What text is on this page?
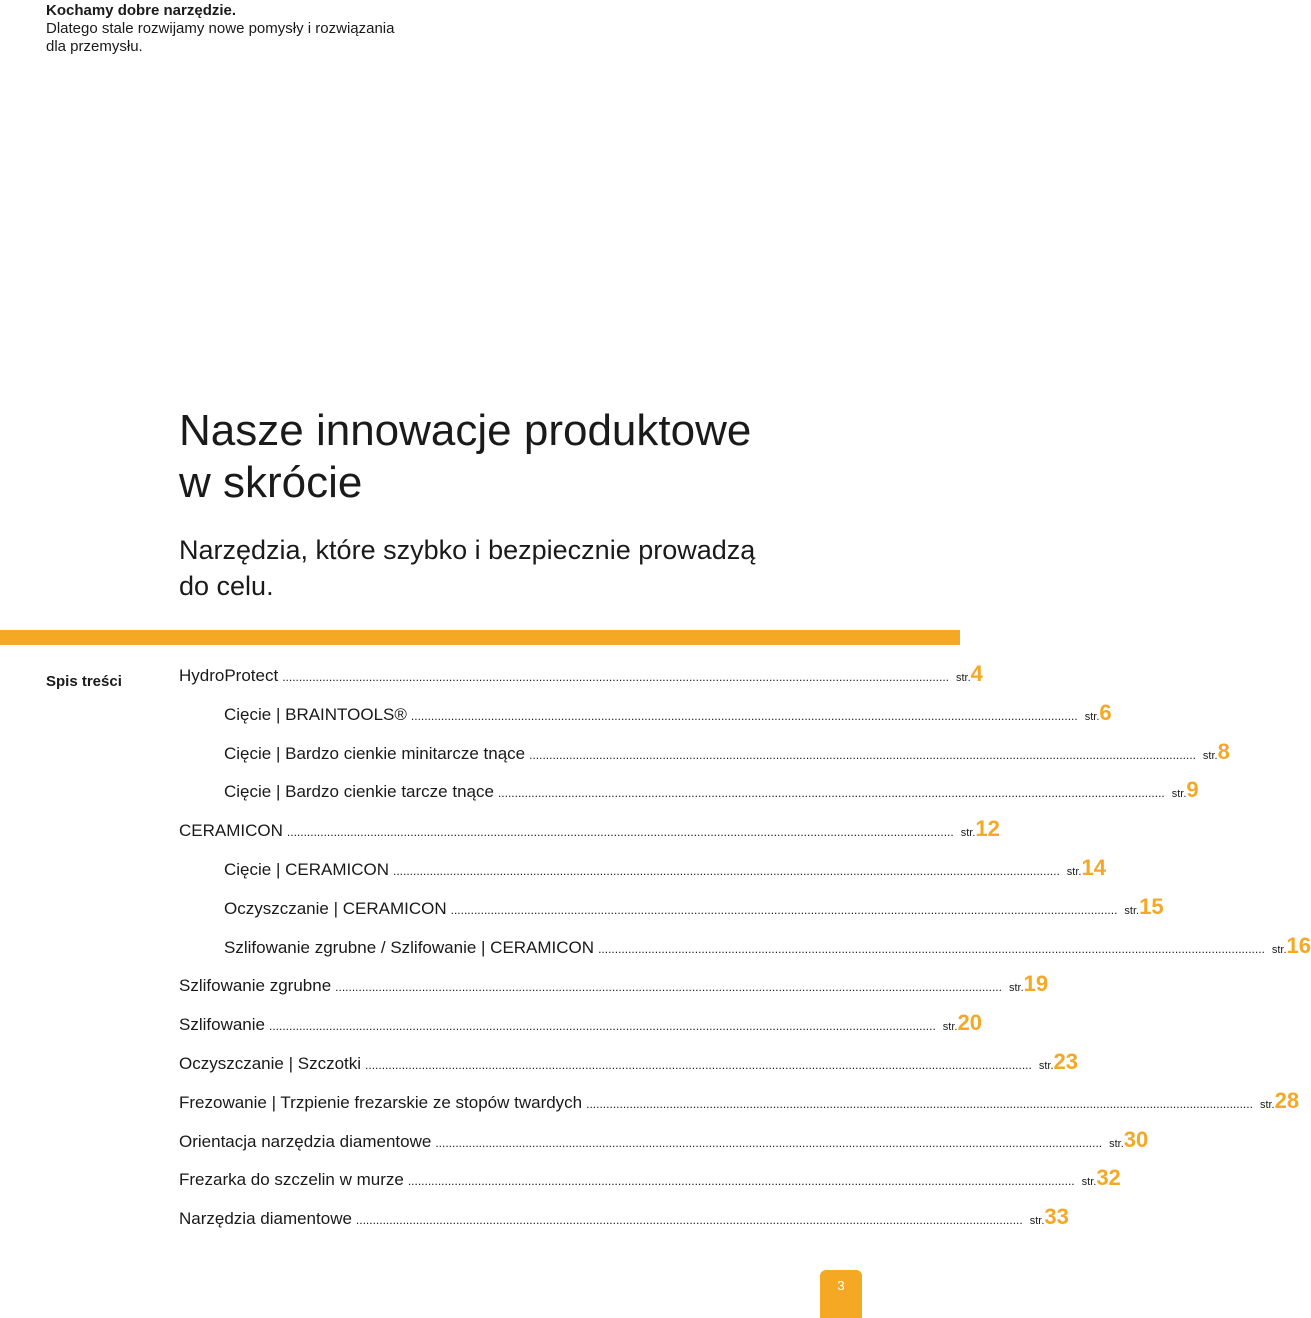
Kochamy dobre narzędzie.
Dlatego stale rozwijamy nowe pomysły i rozwiązania
dla przemysłu.
Nasze innowacje produktowe
w skrócie
Narzędzia, które szybko i bezpiecznie prowadzą
do celu.
Spis treści	HydroProtect ........................................................................................................................................................................................................ str. 4
Cięcie | BRAINTOOLS® ........................................................................................................................................................................................................ str. 6
Cięcie | Bardzo cienkie minitarcze tnące ........................................................................................................................................................................................................ str. 8
Cięcie | Bardzo cienkie tarcze tnące ........................................................................................................................................................................................................ str. 9
CERAMICON ........................................................................................................................................................................................................ str. 12
Cięcie | CERAMICON ........................................................................................................................................................................................................ str. 14
Oczyszczanie | CERAMICON ........................................................................................................................................................................................................ str. 15
Szlifowanie zgrubne / Szlifowanie | CERAMICON ........................................................................................................................................................................................................ str. 16
Szlifowanie zgrubne ........................................................................................................................................................................................................ str. 19
Szlifowanie ........................................................................................................................................................................................................ str. 20
Oczyszczanie | Szczotki ........................................................................................................................................................................................................ str. 23
Frezowanie | Trzpienie frezarskie ze stopów twardych ........................................................................................................................................................................................................ str. 28
Orientacja narzędzia diamentowe ........................................................................................................................................................................................................ str. 30
Frezarka do szczelin w murze ........................................................................................................................................................................................................ str. 32
Narzędzia diamentowe ........................................................................................................................................................................................................ str. 33
3
